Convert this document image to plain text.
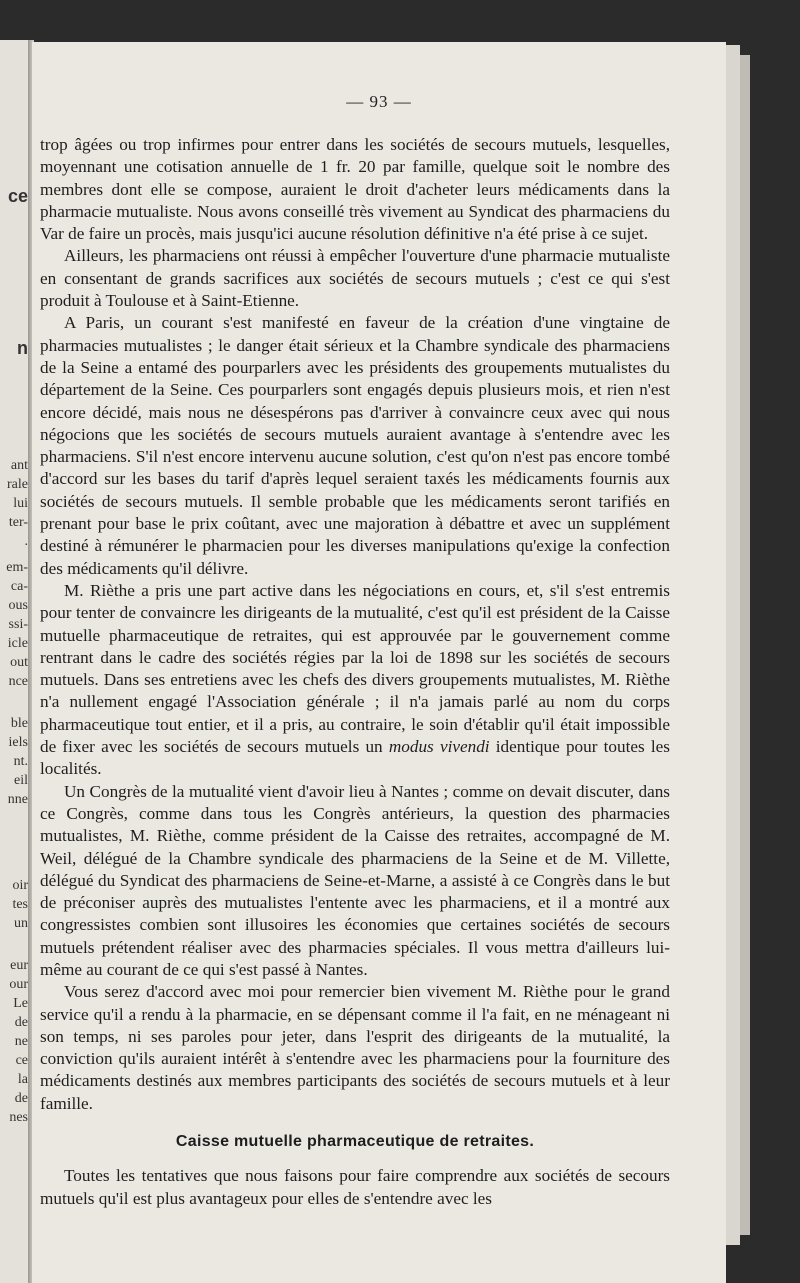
ce
n
ant
rale
lui
ter-
.
em-
ca-
ous
ssi-
icle
out
nce
ble
iels
nt.
eil
nne
oir
tes
un
eur
our
Le
de
ne
ce
la
de
nes
— 93 —

trop âgées ou trop infirmes pour entrer dans les sociétés de secours mutuels, lesquelles, moyennant une cotisation annuelle de 1 fr. 20 par famille, quelque soit le nombre des membres dont elle se compose, auraient le droit d'acheter leurs médicaments dans la pharmacie mutualiste. Nous avons conseillé très vivement au Syndicat des pharmaciens du Var de faire un procès, mais jusqu'ici aucune résolution définitive n'a été prise à ce sujet.

Ailleurs, les pharmaciens ont réussi à empêcher l'ouverture d'une pharmacie mutualiste en consentant de grands sacrifices aux sociétés de secours mutuels ; c'est ce qui s'est produit à Toulouse et à Saint-Etienne.

A Paris, un courant s'est manifesté en faveur de la création d'une vingtaine de pharmacies mutualistes ; le danger était sérieux et la Chambre syndicale des pharmaciens de la Seine a entamé des pourparlers avec les présidents des groupements mutualistes du département de la Seine. Ces pourparlers sont engagés depuis plusieurs mois, et rien n'est encore décidé, mais nous ne désespérons pas d'arriver à convaincre ceux avec qui nous négocions que les sociétés de secours mutuels auraient avantage à s'entendre avec les pharmaciens. S'il n'est encore intervenu aucune solution, c'est qu'on n'est pas encore tombé d'accord sur les bases du tarif d'après lequel seraient taxés les médicaments fournis aux sociétés de secours mutuels. Il semble probable que les médicaments seront tarifiés en prenant pour base le prix coûtant, avec une majoration à débattre et avec un supplément destiné à rémunérer le pharmacien pour les diverses manipulations qu'exige la confection des médicaments qu'il délivre.

M. Rièthe a pris une part active dans les négociations en cours, et, s'il s'est entremis pour tenter de convaincre les dirigeants de la mutualité, c'est qu'il est président de la Caisse mutuelle pharmaceutique de retraites, qui est approuvée par le gouvernement comme rentrant dans le cadre des sociétés régies par la loi de 1898 sur les sociétés de secours mutuels. Dans ses entretiens avec les chefs des divers groupements mutualistes, M. Rièthe n'a nullement engagé l'Association générale ; il n'a jamais parlé au nom du corps pharmaceutique tout entier, et il a pris, au contraire, le soin d'établir qu'il était impossible de fixer avec les sociétés de secours mutuels un modus vivendi identique pour toutes les localités.

Un Congrès de la mutualité vient d'avoir lieu à Nantes ; comme on devait discuter, dans ce Congrès, comme dans tous les Congrès antérieurs, la question des pharmacies mutualistes, M. Rièthe, comme président de la Caisse des retraites, accompagné de M. Weil, délégué de la Chambre syndicale des pharmaciens de la Seine et de M. Villette, délégué du Syndicat des pharmaciens de Seine-et-Marne, a assisté à ce Congrès dans le but de préconiser auprès des mutualistes l'entente avec les pharmaciens, et il a montré aux congressistes combien sont illusoires les économies que certaines sociétés de secours mutuels prétendent réaliser avec des pharmacies spéciales. Il vous mettra d'ailleurs lui-même au courant de ce qui s'est passé à Nantes.

Vous serez d'accord avec moi pour remercier bien vivement M. Rièthe pour le grand service qu'il a rendu à la pharmacie, en se dépensant comme il l'a fait, en ne ménageant ni son temps, ni ses paroles pour jeter, dans l'esprit des dirigeants de la mutualité, la conviction qu'ils auraient intérêt à s'entendre avec les pharmaciens pour la fourniture des médicaments destinés aux membres participants des sociétés de secours mutuels et à leur famille.

Caisse mutuelle pharmaceutique de retraites.

Toutes les tentatives que nous faisons pour faire comprendre aux sociétés de secours mutuels qu'il est plus avantageux pour elles de s'entendre avec les
